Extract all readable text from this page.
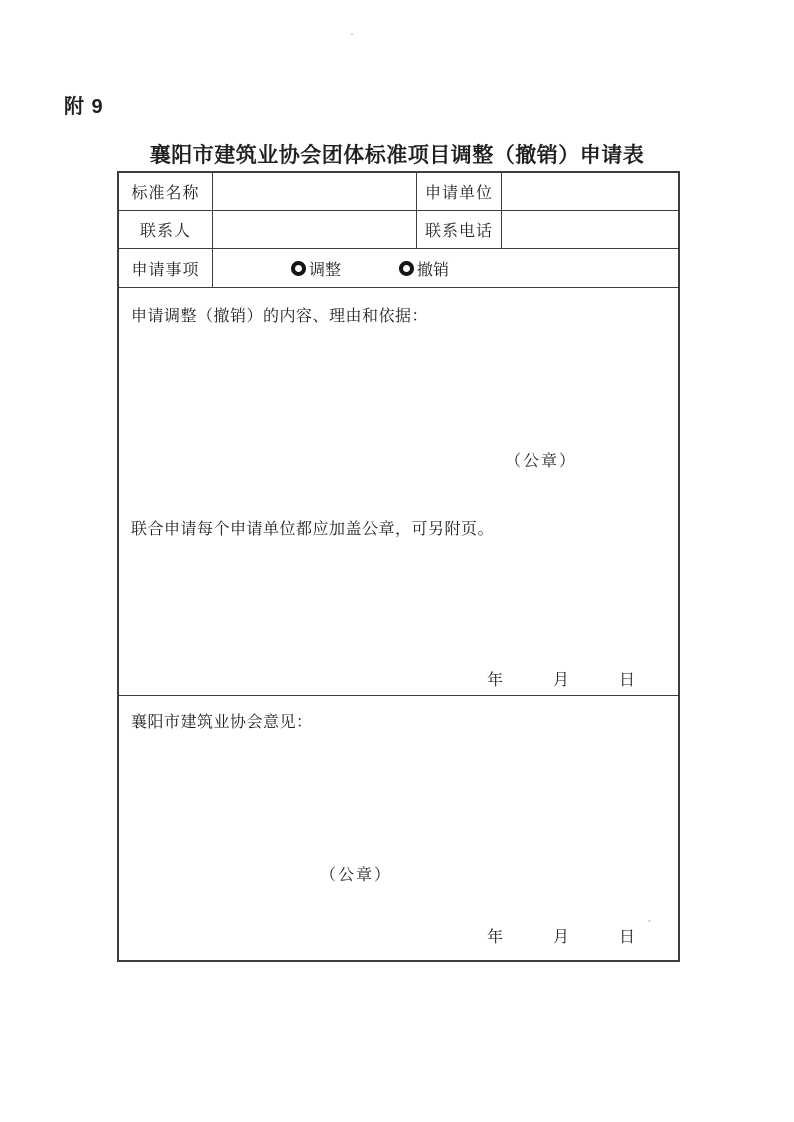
附 9
襄阳市建筑业协会团体标准项目调整（撤销）申请表
标准名称	申请单位
联系人	联系电话
申请事项	调整	撤销
申请调整（撤销）的内容、理由和依据：
（公章）
联合申请每个申请单位都应加盖公章，可另附页。
年	月	日
襄阳市建筑业协会意见：
（公章）
年	月	日
